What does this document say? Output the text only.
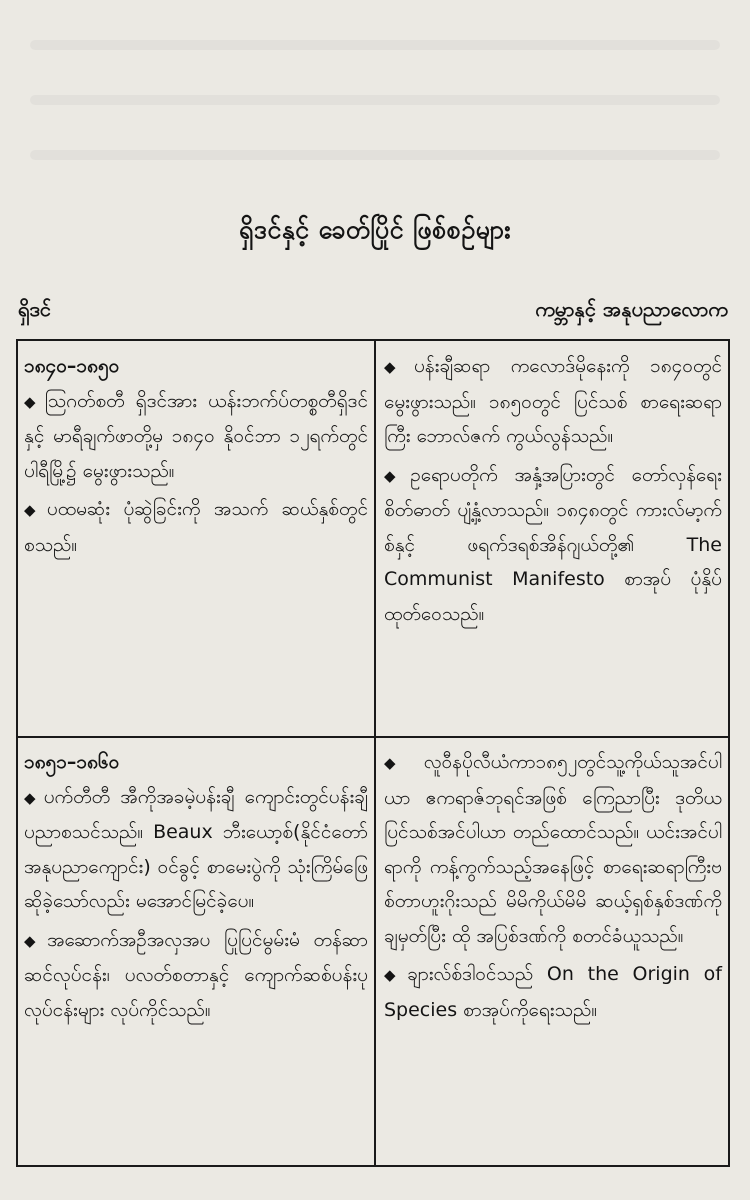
ရှိဒင်နှင့် ခေတ်ပြိုင် ဖြစ်စဉ်များ
ရှိဒင်	ကမ္ဘာနှင့် အနုပညာလောက
၁၈၄၀–၁၈၅၀

◆ ဩဂတ်စတီ ရှိဒင်အား ယန်းဘက်ပ်တစ္စတီရှိဒင်နှင့် မာရီချက်ဖာတို့မှ ၁၈၄၀ နိုဝင်ဘာ ၁၂ရက်တွင် ပါရီမြို့၌ မွေးဖွားသည်။

◆ ပထမဆုံး ပုံဆွဲခြင်းကို အသက် ဆယ်နှစ်တွင် စသည်။

◆ ပန်းချီဆရာ ကလောဒ်မိုနေးကို ၁၈၄၀တွင် မွေးဖွားသည်။ ၁၈၅၀တွင် ပြင်သစ် စာရေးဆရာကြီး ဘောလ်ဇက် ကွယ်လွန်သည်။

◆ ဥရောပတိုက် အနှံ့အပြားတွင် တော်လှန်ရေးစိတ်ဓာတ် ပျံ့နှံ့လာသည်။ ၁၈၄၈တွင် ကားလ်မာ့က်စ်နှင့် ဖရက်ဒရစ်အိန်ဂျယ်တို့၏ The Communist Manifesto စာအုပ် ပုံနှိပ် ထုတ်ဝေသည်။

၁၈၅၁–၁၈၆၀

◆ ပက်တီတီ အီကိုအခမဲ့ပန်းချီ ကျောင်းတွင်ပန်းချီပညာစသင်သည်။ Beaux ဘီးယော့စ်(နိုင်ငံတော်အနုပညာကျောင်း) ဝင်ခွင့် စာမေးပွဲကို သုံးကြိမ်ဖြေဆိုခဲ့သော်လည်း မအောင်မြင်ခဲ့ပေ။

◆ အဆောက်အဦအလှအပ ပြုပြင်မွမ်းမံ တန်ဆာဆင်လုပ်ငန်း၊ ပလတ်စတာနှင့် ကျောက်ဆစ်ပန်းပုလုပ်ငန်းများ လုပ်ကိုင်သည်။

◆ လူဝီနပိုလီယံကာ၁၈၅၂တွင်သူ့ကိုယ်သူအင်ပါယာ ဧကရာဇ်ဘုရင်အဖြစ် ကြေညာပြီး ဒုတိယ ပြင်သစ်အင်ပါယာ တည်ထောင်သည်။ ယင်းအင်ပါရာကို ကန့်ကွက်သည့်အနေဖြင့် စာရေးဆရာကြီးဗစ်တာဟူးဂိုးသည် မိမိကိုယ်မိမိ ဆယ့်ရှစ်နှစ်ဒဏ်ကိုချမှတ်ပြီး ထို အပြစ်ဒဏ်ကို စတင်ခံယူသည်။

◆ ချားလ်စ်ဒါဝင်သည် On the Origin of Species စာအုပ်ကိုရေးသည်။
